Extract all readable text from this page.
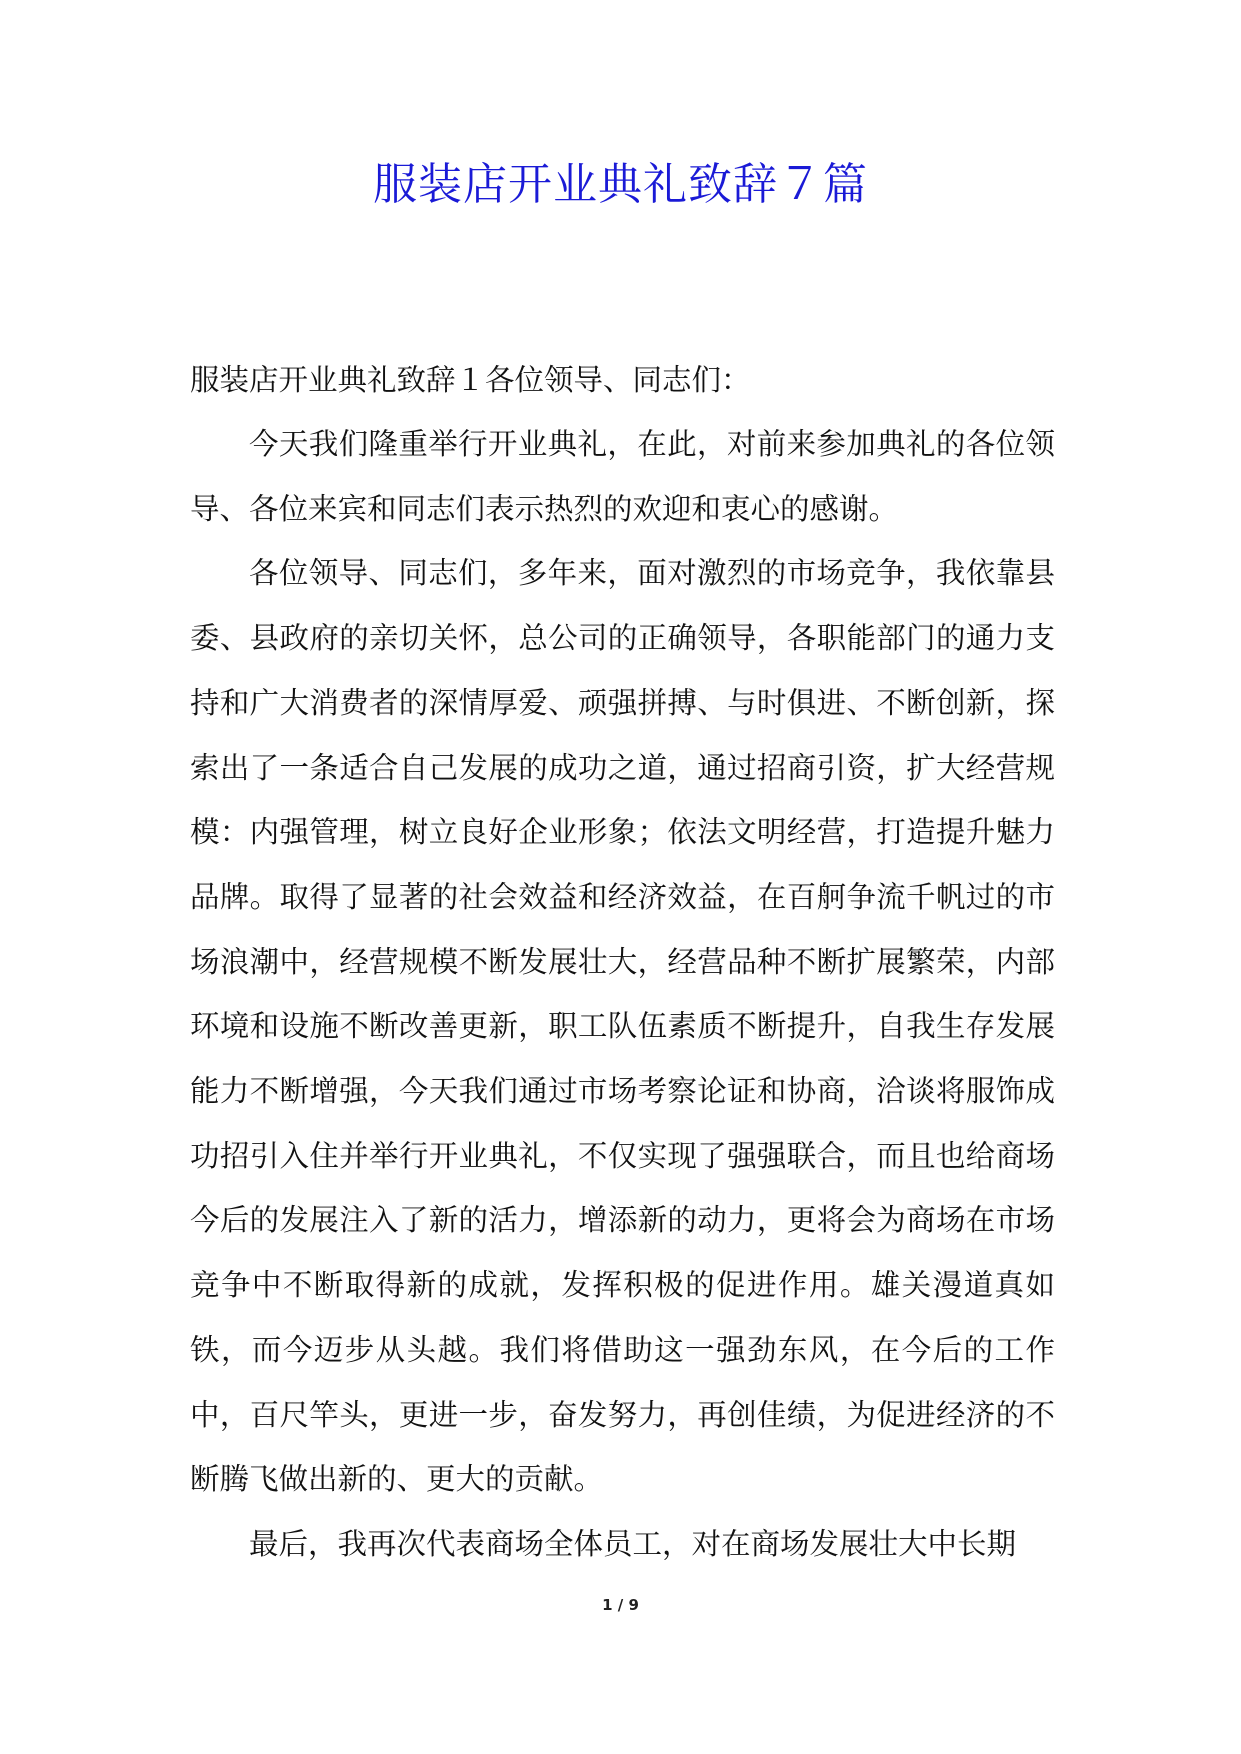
服装店开业典礼致辞７篇

服装店开业典礼致辞１各位领导、同志们：

今天我们隆重举行开业典礼，在此，对前来参加典礼的各位领导、各位来宾和同志们表示热烈的欢迎和衷心的感谢。

各位领导、同志们，多年来，面对激烈的市场竞争，我依靠县委、县政府的亲切关怀，总公司的正确领导，各职能部门的通力支持和广大消费者的深情厚爱、顽强拼搏、与时俱进、不断创新，探索出了一条适合自己发展的成功之道，通过招商引资，扩大经营规模：内强管理，树立良好企业形象；依法文明经营，打造提升魅力品牌。取得了显著的社会效益和经济效益，在百舸争流千帆过的市场浪潮中，经营规模不断发展壮大，经营品种不断扩展繁荣，内部环境和设施不断改善更新，职工队伍素质不断提升，自我生存发展能力不断增强，今天我们通过市场考察论证和协商，洽谈将服饰成功招引入住并举行开业典礼，不仅实现了强强联合，而且也给商场今后的发展注入了新的活力，增添新的动力，更将会为商场在市场竞争中不断取得新的成就，发挥积极的促进作用。雄关漫道真如铁，而今迈步从头越。我们将借助这一强劲东风，在今后的工作中，百尺竿头，更进一步，奋发努力，再创佳绩，为促进经济的不断腾飞做出新的、更大的贡献。

最后，我再次代表商场全体员工，对在商场发展壮大中长期

1 / 9
